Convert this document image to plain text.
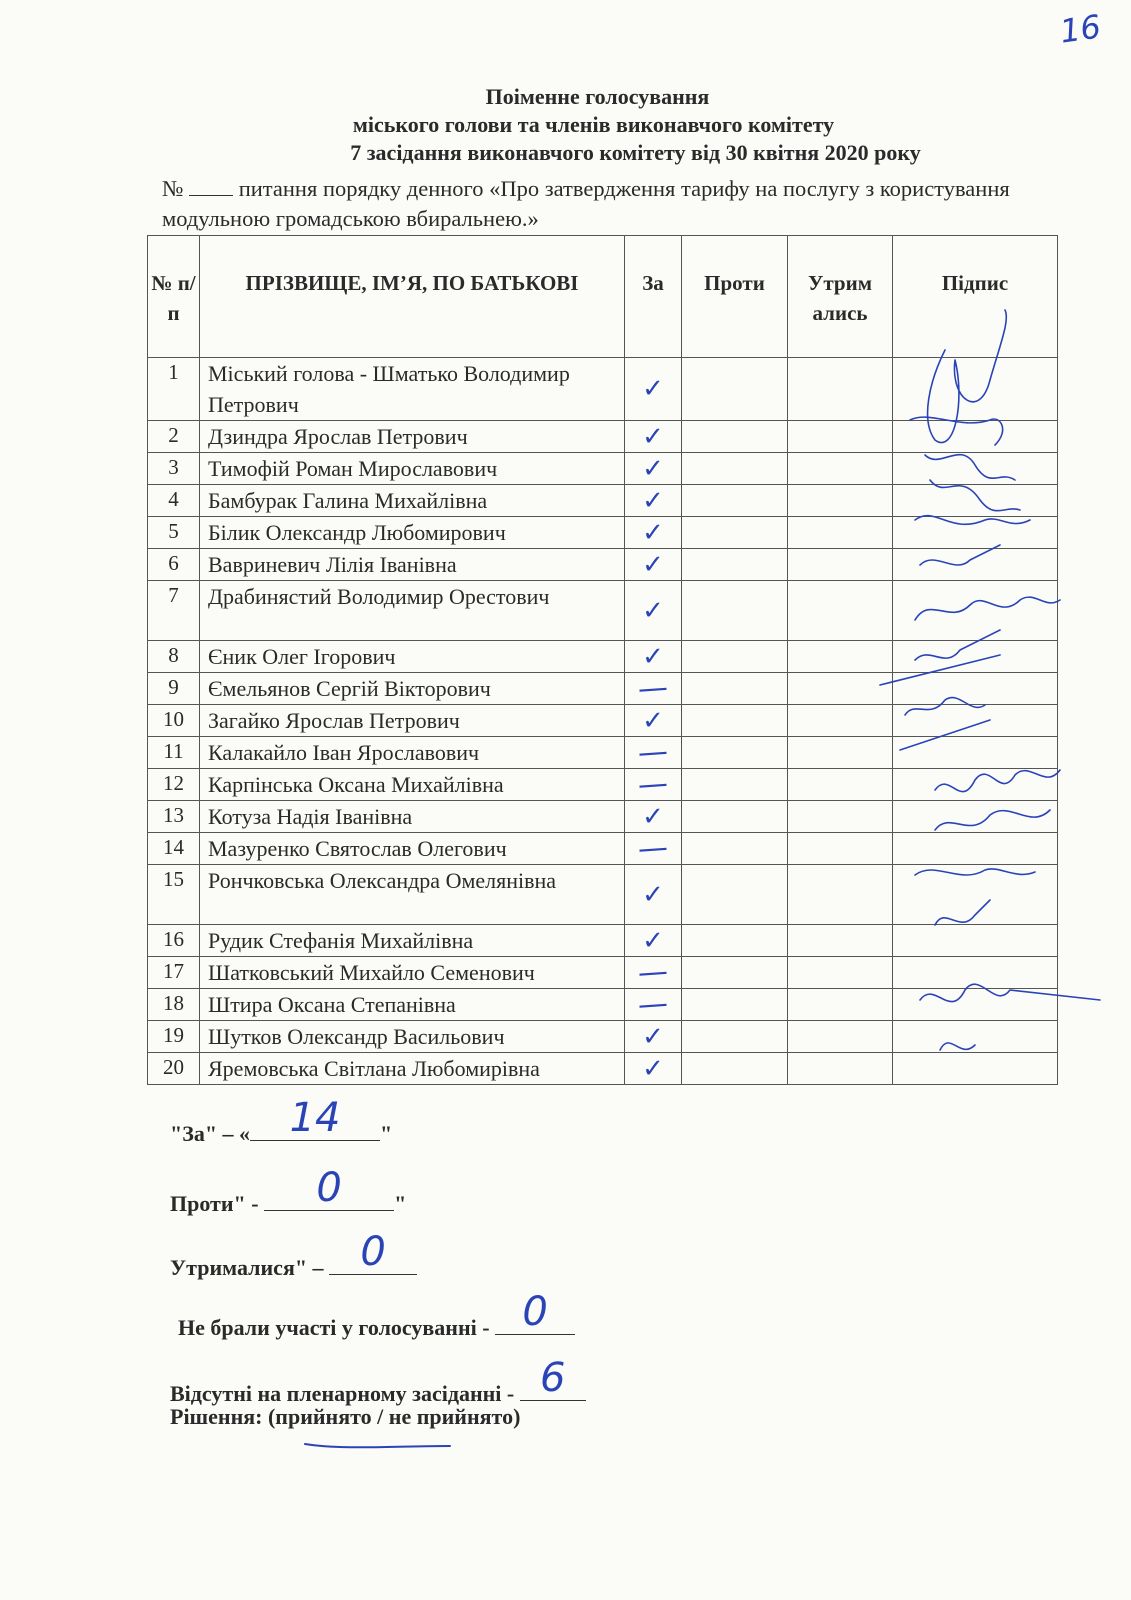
16
Поіменне голосування
міського голови та членів виконавчого комітету
7 засідання виконавчого комітету від 30 квітня 2020 року
№ питання порядку денного «Про затвердження тарифу на послугу з користування модульною громадською вбиральнею.»
№ п/п	ПРІЗВИЩЕ, ІМ’Я, ПО БАТЬКОВІ	За	Проти	Утрим ались	Підпис
1	Міський голова - Шматько Володимир Петрович	✓			
2	Дзиндра Ярослав Петрович	✓			
3	Тимофій Роман Мирославович	✓			
4	Бамбурак Галина Михайлівна	✓			
5	Білик Олександр Любомирович	✓			
6	Вавриневич Лілія Іванівна	✓			
7	Драбинястий Володимир Орестович	✓			
8	Єник Олег Ігорович	✓			
9	Ємельянов Сергій Вікторович	—			
10	Загайко Ярослав Петрович	✓			
11	Калакайло Іван Ярославович	—			
12	Карпінська Оксана Михайлівна	—			
13	Котуза Надія Іванівна	✓			
14	Мазуренко Святослав Олегович	—			
15	Рончковська Олександра Омелянівна	✓			
16	Рудик Стефанія Михайлівна	✓			
17	Шатковський Михайло Семенович	—			
18	Штира Оксана Степанівна	—			
19	Шутков Олександр Васильович	✓			
20	Яремовська Світлана Любомирівна	✓			
"За" – « 14	"
Проти" -	0	"
Утрималися" – 0
Не брали участі у голосуванні - 0
Відсутні на пленарному засіданні - 6
Рішення: (прийнято / не прийнято)
